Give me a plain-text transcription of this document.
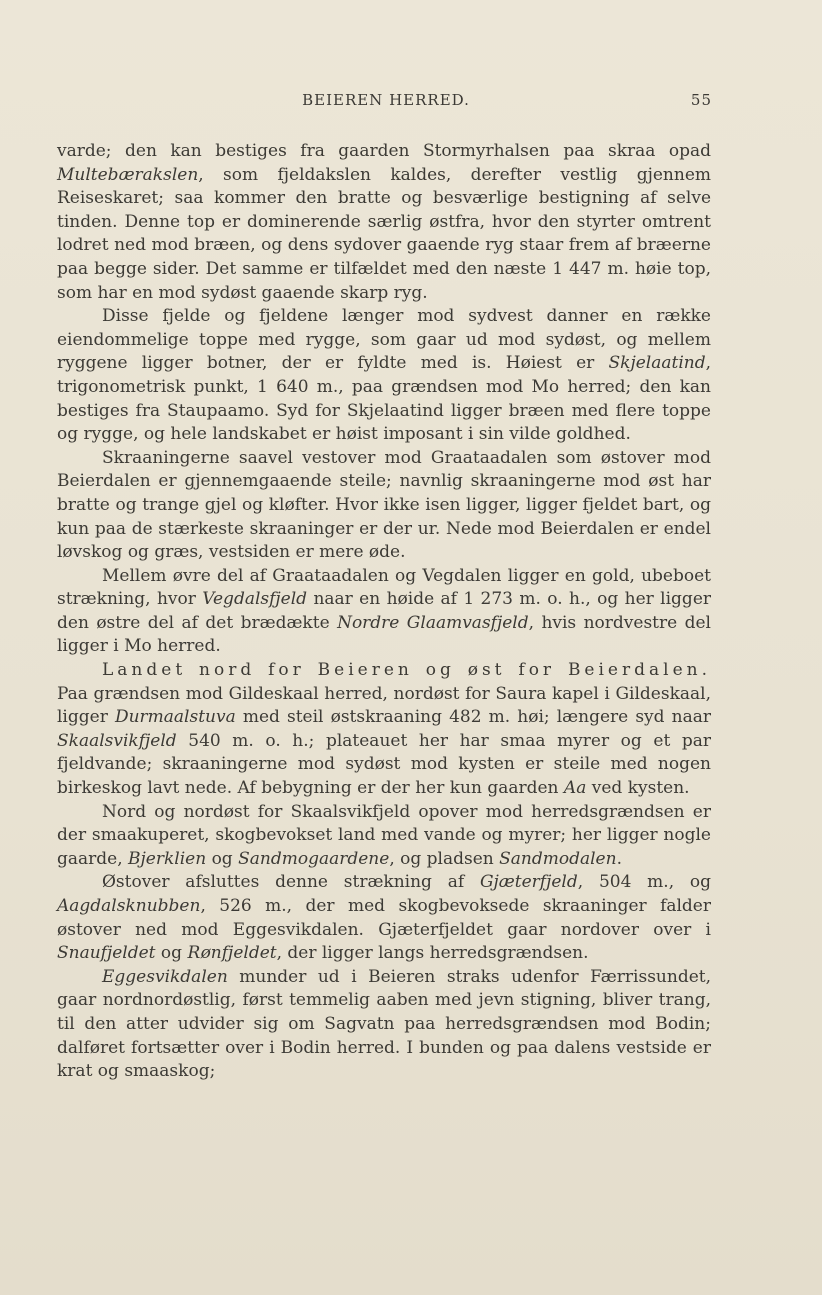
BEIEREN HERRED.	55

varde; den kan bestiges fra gaarden Stormyrhalsen paa skraa opad Multebærakslen, som fjeldakslen kaldes, derefter vestlig gjennem Reiseskaret; saa kommer den bratte og besværlige bestigning af selve tinden. Denne top er dominerende særlig østfra, hvor den styrter omtrent lodret ned mod bræen, og dens sydover gaaende ryg staar frem af bræerne paa begge sider. Det samme er tilfældet med den næste 1 447 m. høie top, som har en mod sydøst gaaende skarp ryg.

Disse fjelde og fjeldene længer mod sydvest danner en række eiendommelige toppe med rygge, som gaar ud mod sydøst, og mellem ryggene ligger botner, der er fyldte med is. Høiest er Skjelaatind, trigonometrisk punkt, 1 640 m., paa grændsen mod Mo herred; den kan bestiges fra Staupaamo. Syd for Skjelaatind ligger bræen med flere toppe og rygge, og hele landskabet er høist imposant i sin vilde goldhed.

Skraaningerne saavel vestover mod Graataadalen som østover mod Beierdalen er gjennemgaaende steile; navnlig skraaningerne mod øst har bratte og trange gjel og kløfter. Hvor ikke isen ligger, ligger fjeldet bart, og kun paa de stærkeste skraaninger er der ur. Nede mod Beierdalen er endel løvskog og græs, vestsiden er mere øde.

Mellem øvre del af Graataadalen og Vegdalen ligger en gold, ubeboet strækning, hvor Vegdalsfjeld naar en høide af 1 273 m. o. h., og her ligger den østre del af det brædækte Nordre Glaamvasfjeld, hvis nordvestre del ligger i Mo herred.

Landet nord for Beieren og øst for Beierdalen. Paa grændsen mod Gildeskaal herred, nordøst for Saura kapel i Gildeskaal, ligger Durmaalstuva med steil østskraaning 482 m. høi; længere syd naar Skaalsvikfjeld 540 m. o. h.; plateauet her har smaa myrer og et par fjeldvande; skraaningerne mod sydøst mod kysten er steile med nogen birkeskog lavt nede. Af bebygning er der her kun gaarden Aa ved kysten.

Nord og nordøst for Skaalsvikfjeld opover mod herredsgrændsen er der smaakuperet, skogbevokset land med vande og myrer; her ligger nogle gaarde, Bjerklien og Sandmogaardene, og pladsen Sandmodalen.

Østover afsluttes denne strækning af Gjæterfjeld, 504 m., og Aagdalsknubben, 526 m., der med skogbevoksede skraaninger falder østover ned mod Eggesvikdalen. Gjæterfjeldet gaar nordover over i Snaufjeldet og Rønfjeldet, der ligger langs herredsgrændsen.

Eggesvikdalen munder ud i Beieren straks udenfor Færrissundet, gaar nordnordøstlig, først temmelig aaben med jevn stigning, bliver trang, til den atter udvider sig om Sagvatn paa herredsgrændsen mod Bodin; dalføret fortsætter over i Bodin herred. I bunden og paa dalens vestside er krat og smaaskog;
